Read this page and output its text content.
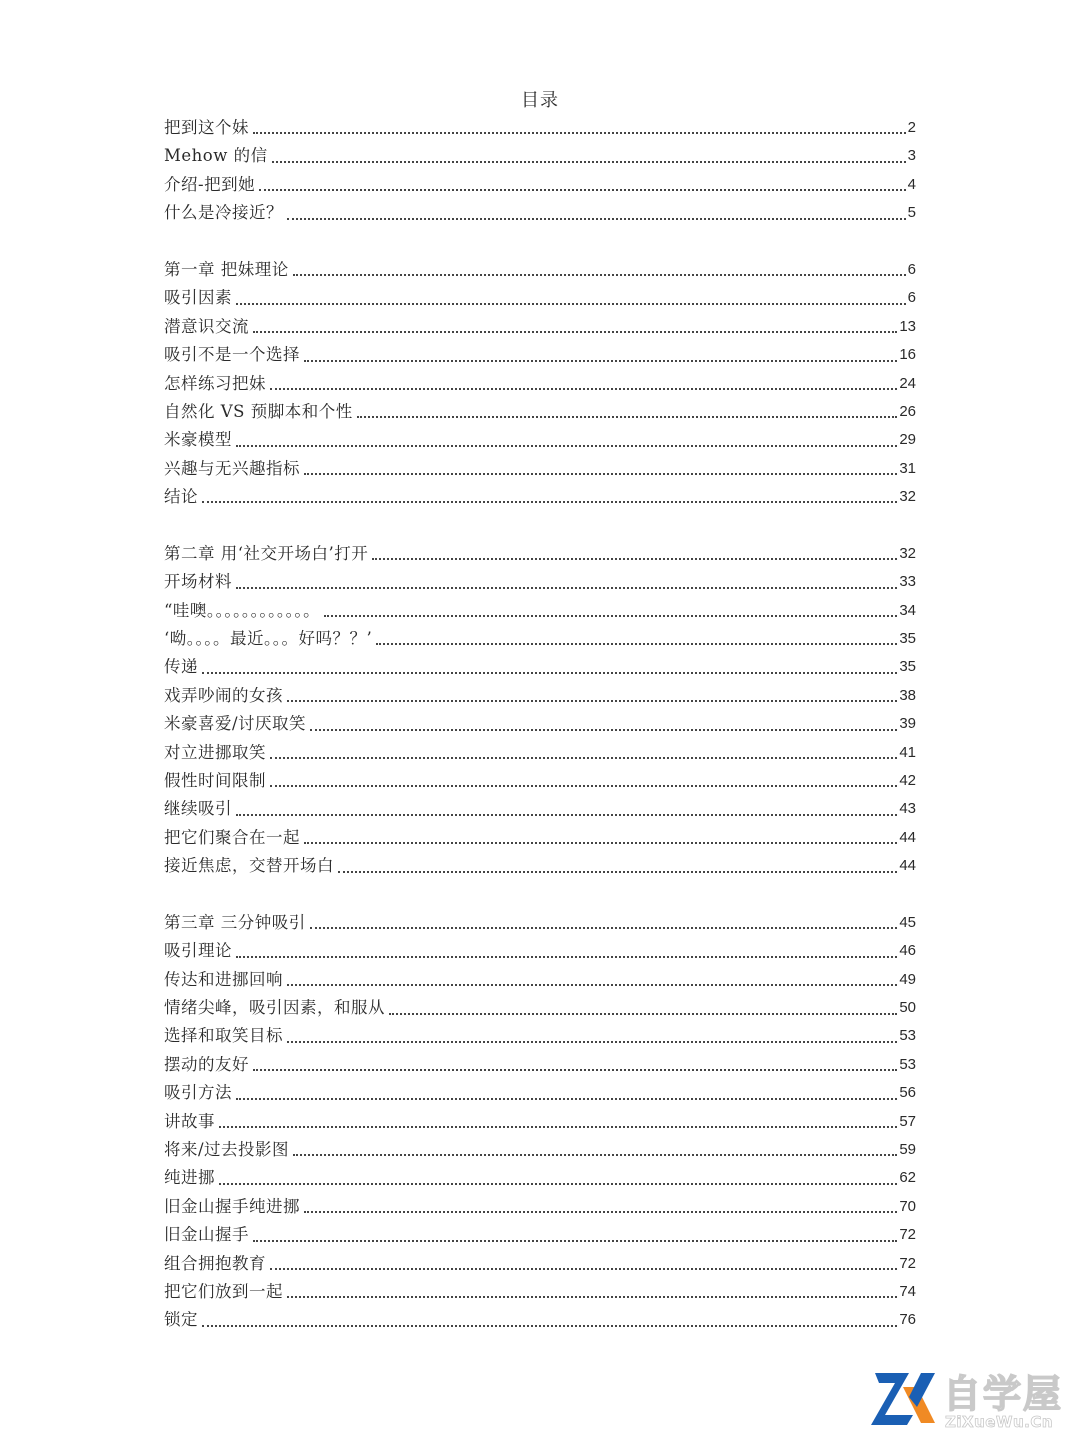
目录
把到这个妹	2
Mehow 的信	3
介绍-把到她	4
什么是冷接近？	5
第一章 把妹理论	6
吸引因素	6
潜意识交流	13
吸引不是一个选择	16
怎样练习把妹	24
自然化 VS 预脚本和个性	26
米豪模型	29
兴趣与无兴趣指标	31
结论	32
第二章 用‘社交开场白’打开	32
开场材料	33
“哇噢。。。。。。。。。。。。	34
‘呦。。。。最近。。。好吗？？’	35
传递	35
戏弄吵闹的女孩	38
米豪喜爱/讨厌取笑	39
对立进挪取笑	41
假性时间限制	42
继续吸引	43
把它们聚合在一起	44
接近焦虑，交替开场白	44
第三章 三分钟吸引	45
吸引理论	46
传达和进挪回响	49
情绪尖峰，吸引因素，和服从	50
选择和取笑目标	53
摆动的友好	53
吸引方法	56
讲故事	57
将来/过去投影图	59
纯进挪	62
旧金山握手纯进挪	70
旧金山握手	72
组合拥抱教育	72
把它们放到一起	74
锁定	76
自学屋
ZiXueWu.Cn
